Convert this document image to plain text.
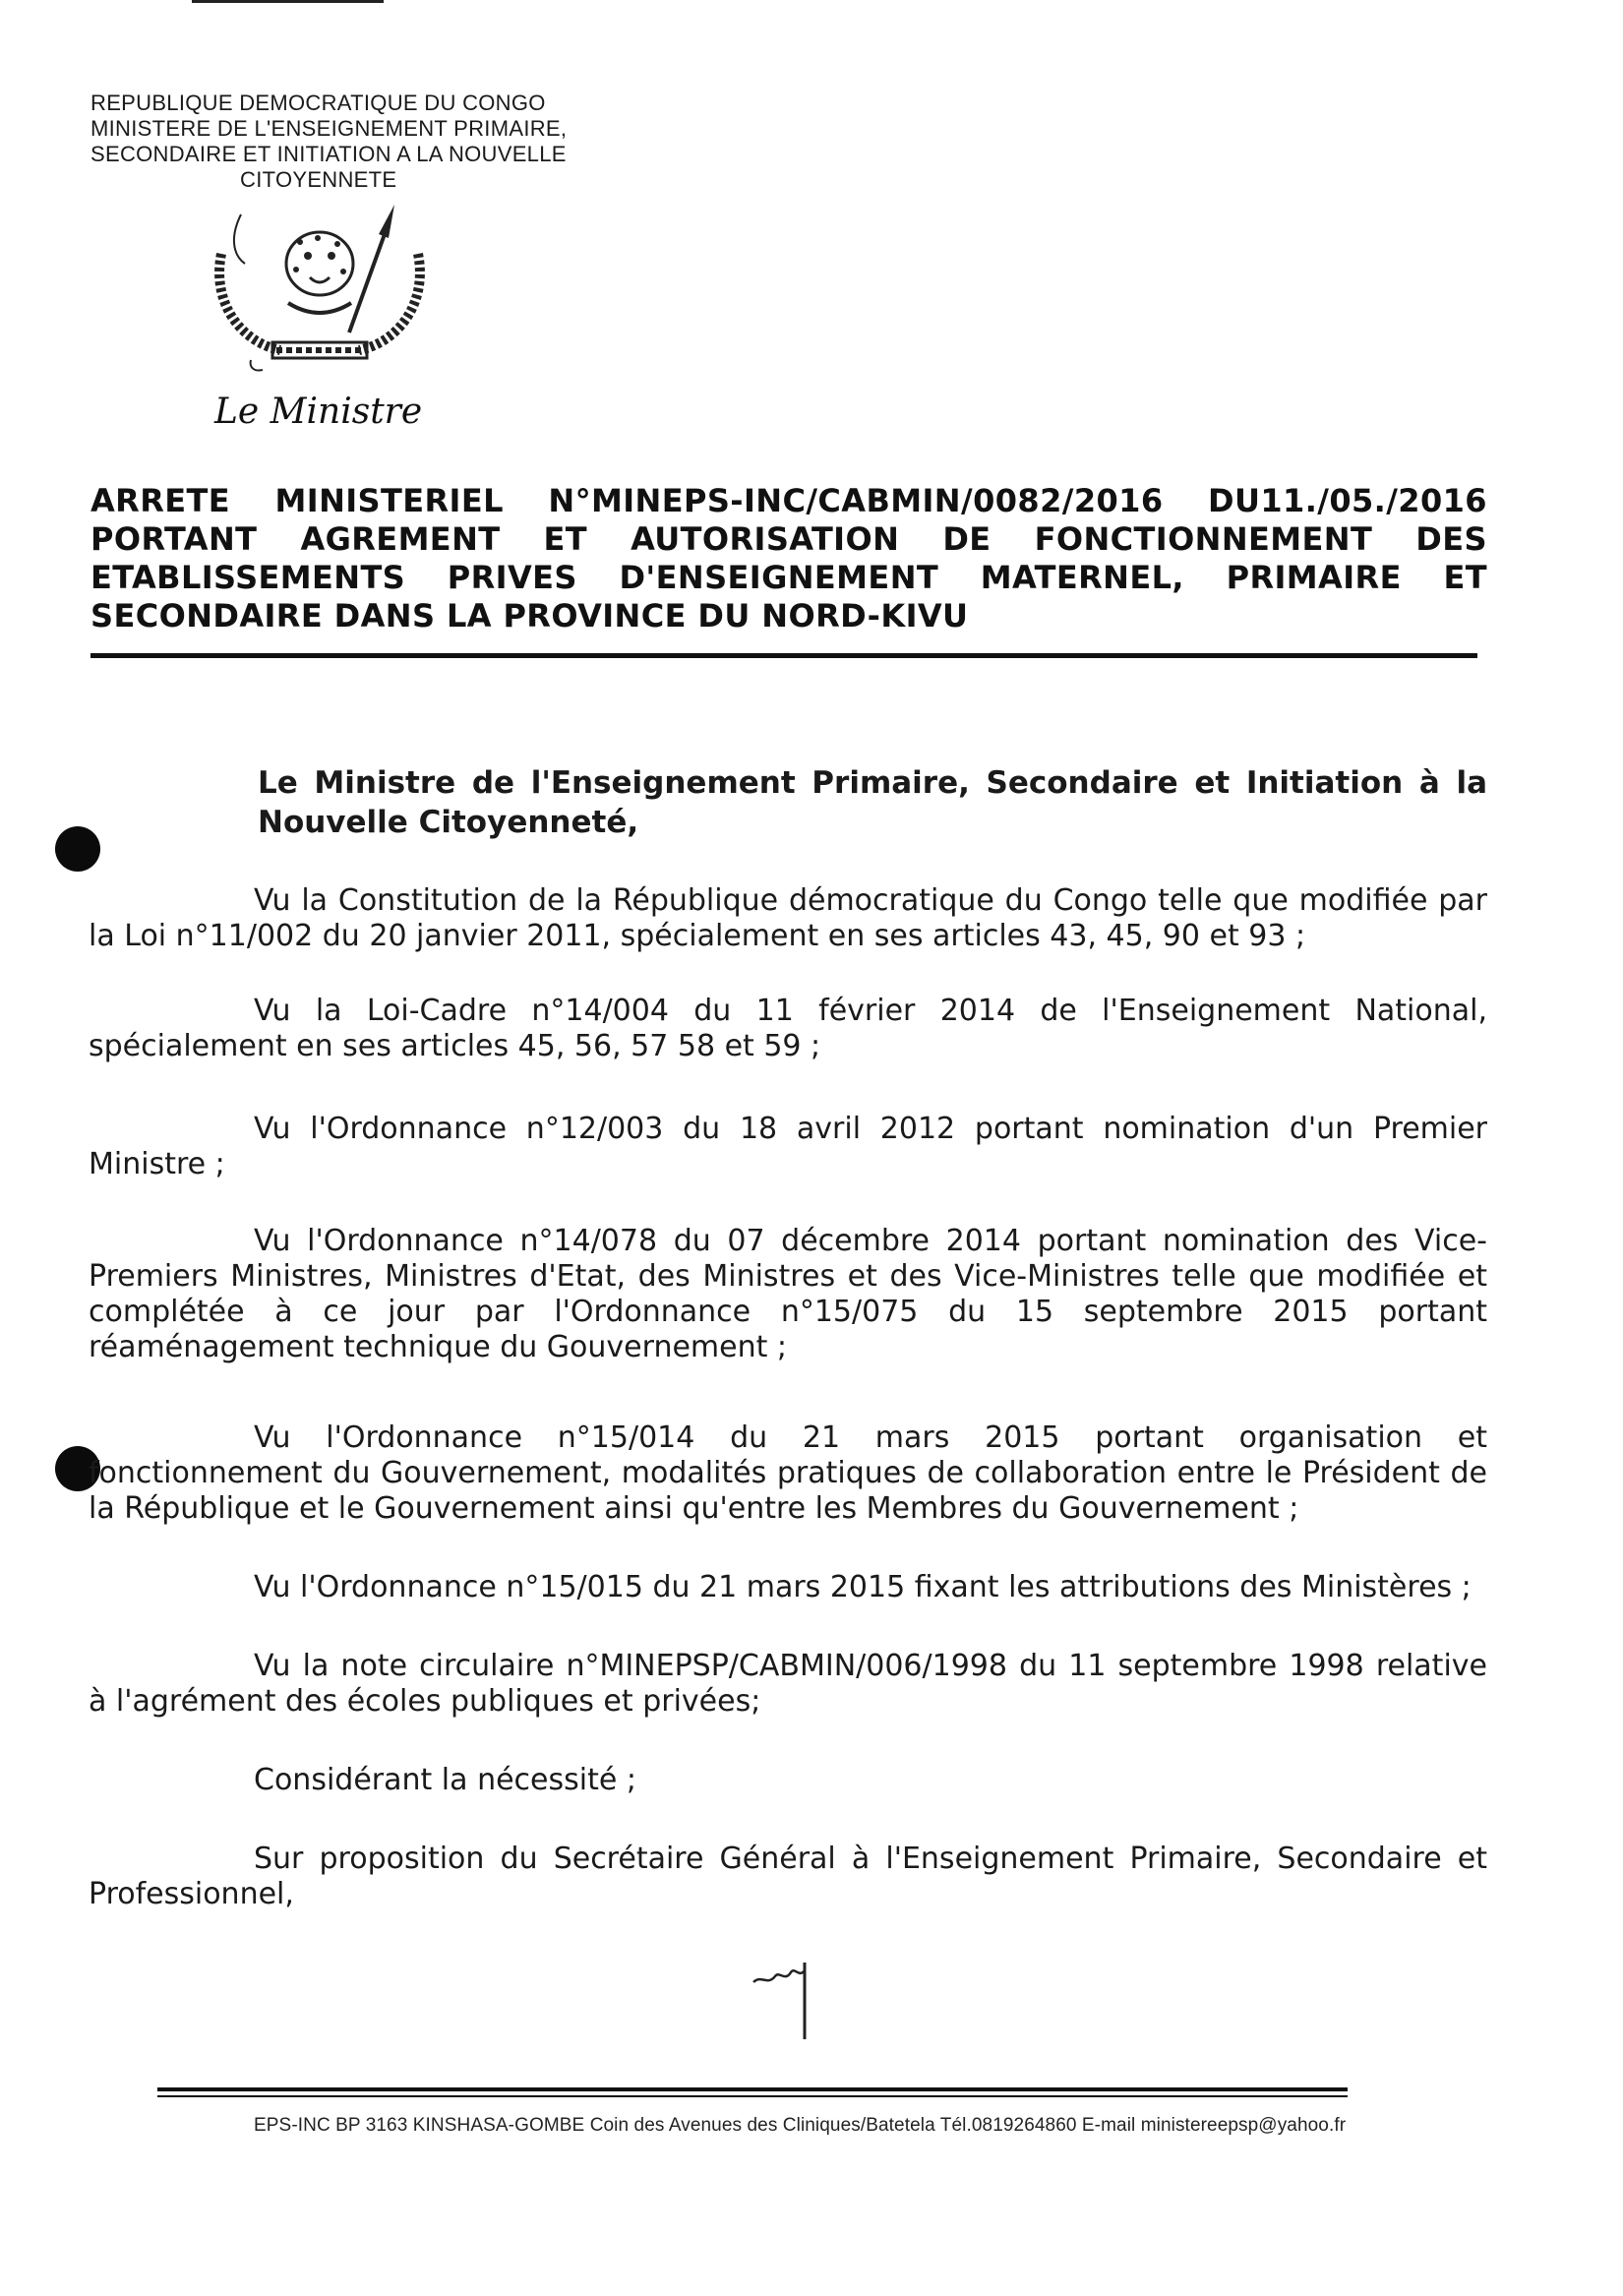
REPUBLIQUE DEMOCRATIQUE DU CONGO
MINISTERE DE L'ENSEIGNEMENT PRIMAIRE,
SECONDAIRE ET INITIATION A LA NOUVELLE
CITOYENNETE
Le Ministre
ARRETE MINISTERIEL N°MINEPS-INC/CABMIN/0082/2016 DU11./05./2016
PORTANT AGREMENT ET AUTORISATION DE FONCTIONNEMENT DES
ETABLISSEMENTS PRIVES D'ENSEIGNEMENT MATERNEL, PRIMAIRE ET
SECONDAIRE DANS LA PROVINCE DU NORD-KIVU
Le Ministre de l'Enseignement Primaire, Secondaire et Initiation à la Nouvelle Citoyenneté,

Vu la Constitution de la République démocratique du Congo telle que modifiée par la Loi n°11/002 du 20 janvier 2011, spécialement en ses articles 43, 45, 90 et 93 ;

Vu la Loi-Cadre n°14/004 du 11 février 2014 de l'Enseignement National, spécialement en ses articles 45, 56, 57 58 et 59 ;

Vu l'Ordonnance n°12/003 du 18 avril 2012 portant nomination d'un Premier Ministre ;

Vu l'Ordonnance n°14/078 du 07 décembre 2014 portant nomination des Vice-Premiers Ministres, Ministres d'Etat, des Ministres et des Vice-Ministres telle que modifiée et complétée à ce jour par l'Ordonnance n°15/075 du 15 septembre 2015 portant réaménagement technique du Gouvernement ;

Vu l'Ordonnance n°15/014 du 21 mars 2015 portant organisation et fonctionnement du Gouvernement, modalités pratiques de collaboration entre le Président de la République et le Gouvernement ainsi qu'entre les Membres du Gouvernement ;

Vu l'Ordonnance n°15/015 du 21 mars 2015 fixant les attributions des Ministères ;

Vu la note circulaire n°MINEPSP/CABMIN/006/1998 du 11 septembre 1998 relative à l'agrément des écoles publiques et privées;

Considérant la nécessité ;

Sur proposition du Secrétaire Général à l'Enseignement Primaire, Secondaire et Professionnel,

EPS-INC BP 3163 KINSHASA-GOMBE Coin des Avenues des Cliniques/Batetela Tél.0819264860 E-mail ministereepsp@yahoo.fr
